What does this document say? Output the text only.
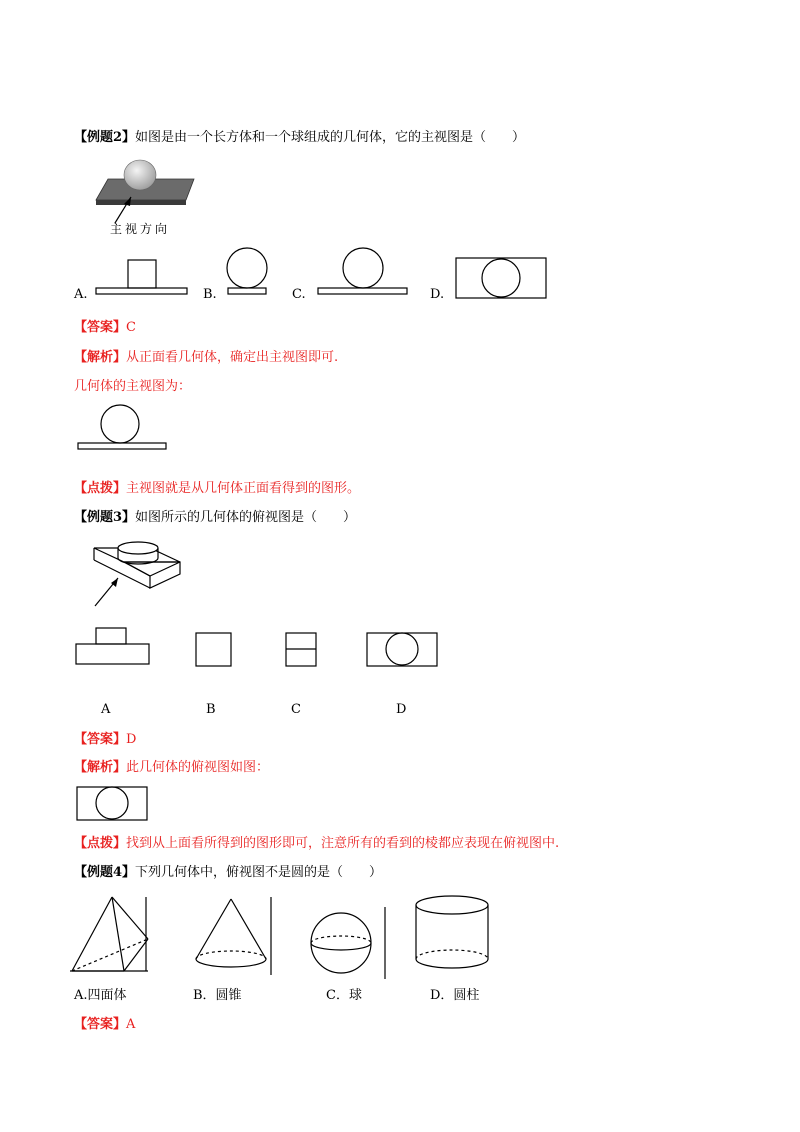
【例题2】如图是由一个长方体和一个球组成的几何体，它的主视图是（　　）
主视方向
A.	B.	C.	D.
【答案】C
【解析】从正面看几何体，确定出主视图即可.
几何体的主视图为：
【点拨】主视图就是从几何体正面看得到的图形。
【例题3】如图所示的几何体的俯视图是（　　）
A	B	C	D
【答案】D
【解析】此几何体的俯视图如图：
【点拨】找到从上面看所得到的图形即可，注意所有的看到的棱都应表现在俯视图中.
【例题4】下列几何体中，俯视图不是圆的是（　　）
A.四面体	B．圆锥	C．球	D．圆柱
【答案】A
